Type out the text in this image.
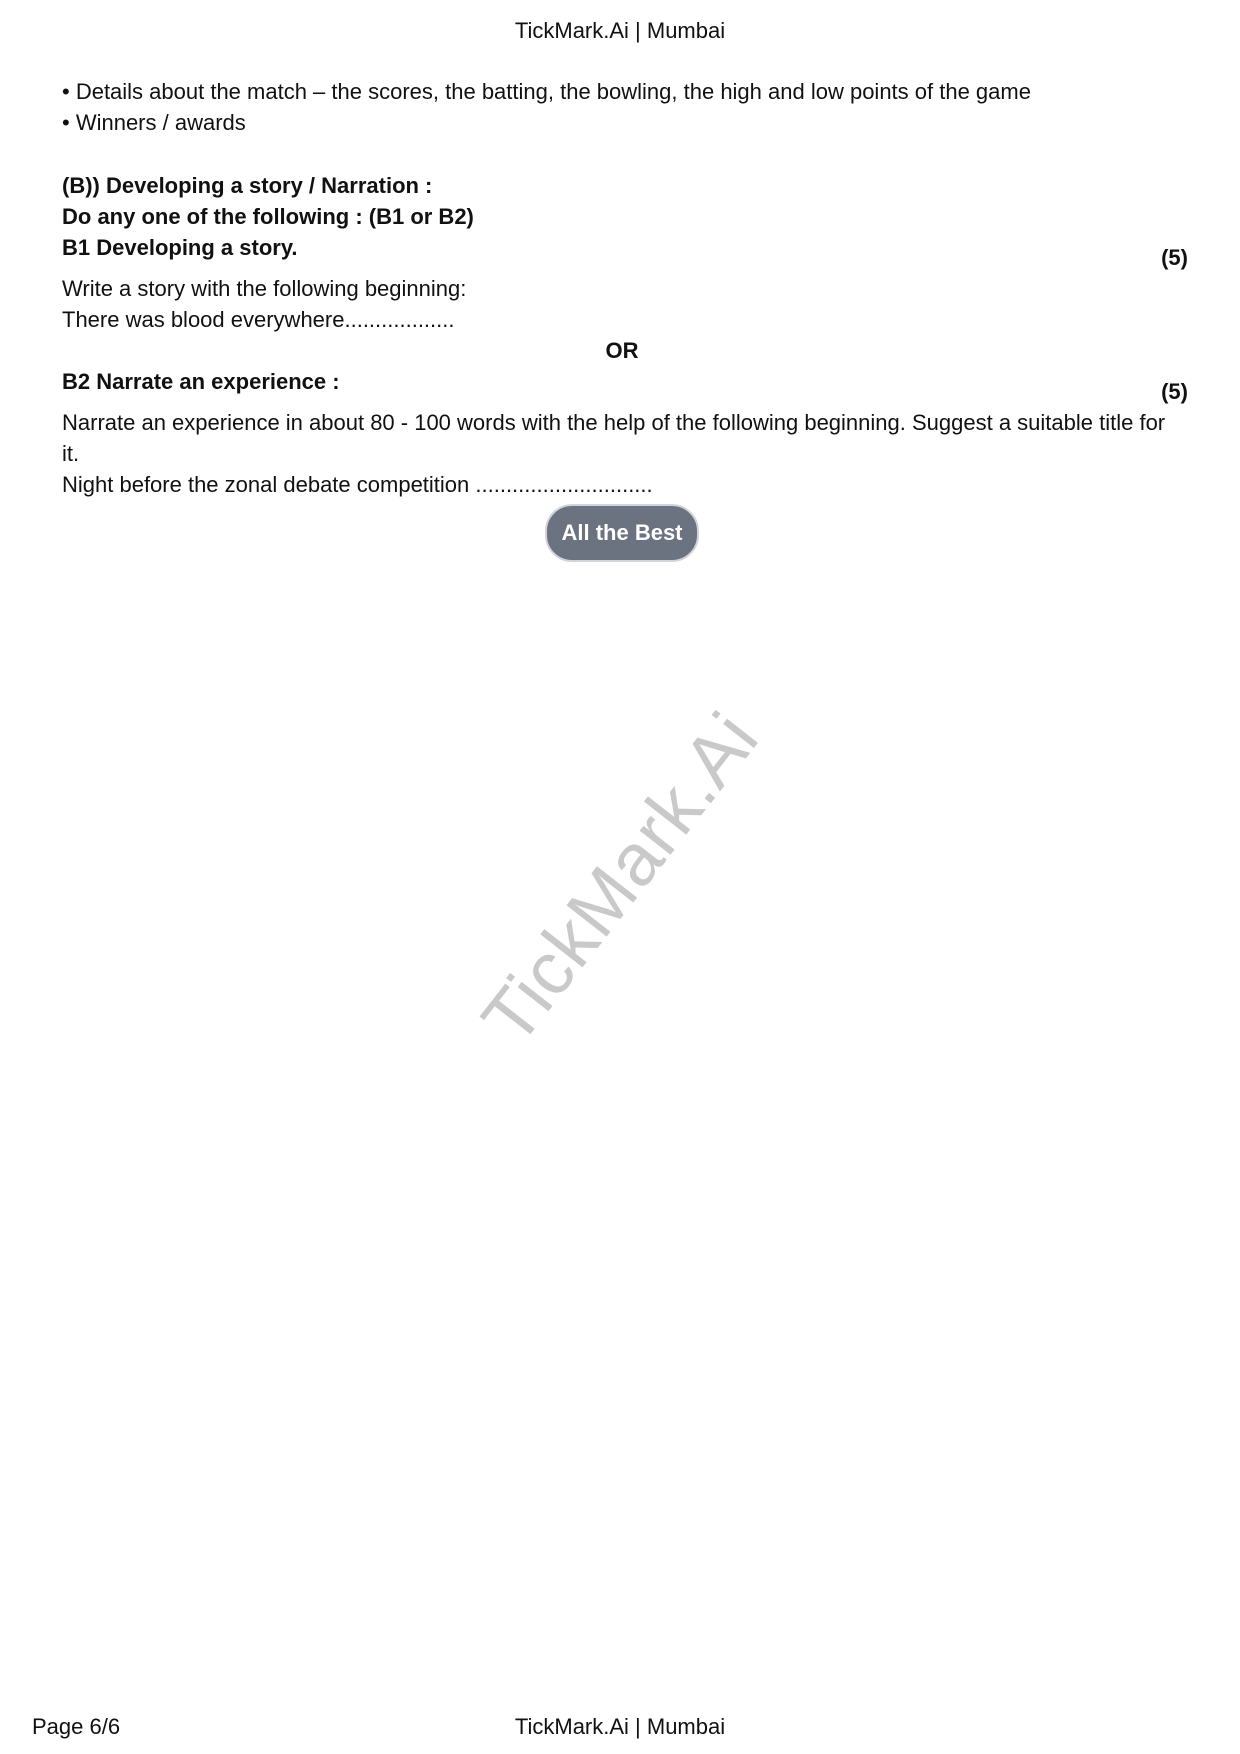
TickMark.Ai | Mumbai
• Details about the match – the scores, the batting, the bowling, the high and low points of the game
• Winners / awards
(B)) Developing a story / Narration :
Do any one of the following : (B1 or B2)
B1 Developing a story.	(5)
Write a story with the following beginning:
There was blood everywhere..................
OR
B2 Narrate an experience :	(5)
Narrate an experience in about 80 - 100 words with the help of the following beginning. Suggest a suitable title for it.
Night before the zonal debate competition .............................
All the Best
TickMark.Ai
Page 6/6	TickMark.Ai | Mumbai
